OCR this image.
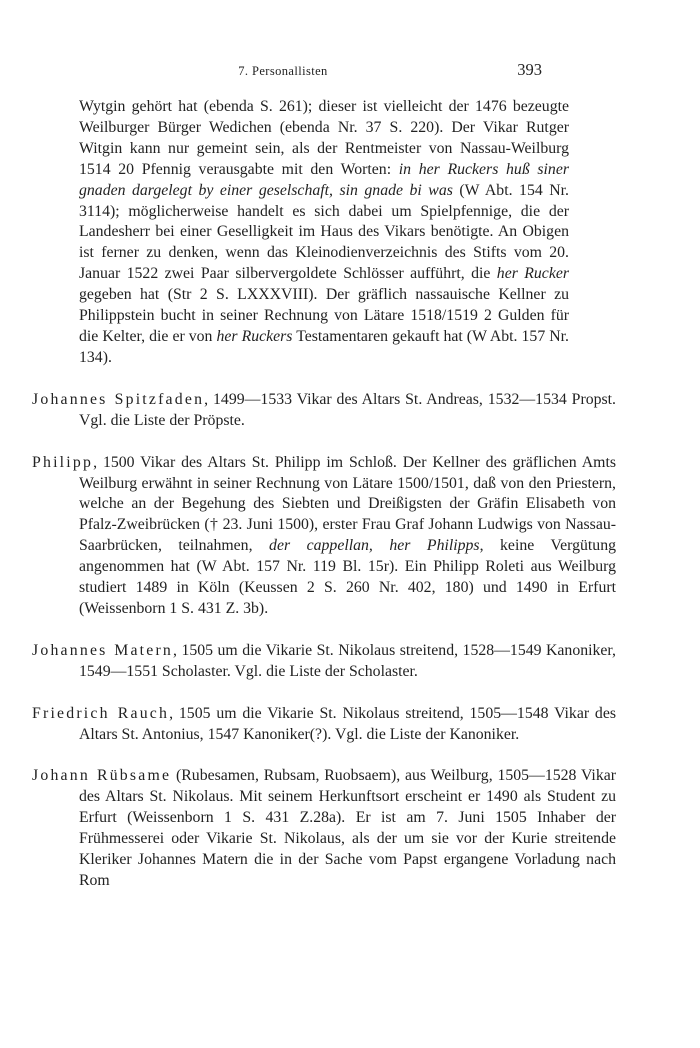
7. Personallisten	393

Wytgin gehört hat (ebenda S. 261); dieser ist vielleicht der 1476 bezeugte Weilburger Bürger Wedichen (ebenda Nr. 37 S. 220). Der Vikar Rutger Witgin kann nur gemeint sein, als der Rentmeister von Nassau-Weilburg 1514 20 Pfennig verausgabte mit den Worten: in her Ruckers huß siner gnaden dargelegt by einer geselschaft, sin gnade bi was (W Abt. 154 Nr. 3114); möglicherweise handelt es sich dabei um Spielpfennige, die der Landesherr bei einer Geselligkeit im Haus des Vikars benötigte. An Obigen ist ferner zu denken, wenn das Kleinodienverzeichnis des Stifts vom 20. Januar 1522 zwei Paar silbervergoldete Schlösser aufführt, die her Rucker gegeben hat (Str 2 S. LXXXVIII). Der gräflich nassauische Kellner zu Philippstein bucht in seiner Rechnung von Lätare 1518/1519 2 Gulden für die Kelter, die er von her Ruckers Testamentaren gekauft hat (W Abt. 157 Nr. 134).

Johannes Spitzfaden, 1499—1533 Vikar des Altars St. Andreas, 1532—1534 Propst. Vgl. die Liste der Pröpste.

Philipp, 1500 Vikar des Altars St. Philipp im Schloß. Der Kellner des gräflichen Amts Weilburg erwähnt in seiner Rechnung von Lätare 1500/1501, daß von den Priestern, welche an der Begehung des Siebten und Dreißigsten der Gräfin Elisabeth von Pfalz-Zweibrücken († 23. Juni 1500), erster Frau Graf Johann Ludwigs von Nassau-Saarbrücken, teilnahmen, der cappellan, her Philipps, keine Vergütung angenommen hat (W Abt. 157 Nr. 119 Bl. 15r). Ein Philipp Roleti aus Weilburg studiert 1489 in Köln (Keussen 2 S. 260 Nr. 402, 180) und 1490 in Erfurt (Weissenborn 1 S. 431 Z. 3b).

Johannes Matern, 1505 um die Vikarie St. Nikolaus streitend, 1528—1549 Kanoniker, 1549—1551 Scholaster. Vgl. die Liste der Scholaster.

Friedrich Rauch, 1505 um die Vikarie St. Nikolaus streitend, 1505—1548 Vikar des Altars St. Antonius, 1547 Kanoniker(?). Vgl. die Liste der Kanoniker.

Johann Rübsame (Rubesamen, Rubsam, Ruobsaem), aus Weilburg, 1505—1528 Vikar des Altars St. Nikolaus. Mit seinem Herkunftsort erscheint er 1490 als Student zu Erfurt (Weissenborn 1 S. 431 Z.28a). Er ist am 7. Juni 1505 Inhaber der Frühmesserei oder Vikarie St. Nikolaus, als der um sie vor der Kurie streitende Kleriker Johannes Matern die in der Sache vom Papst ergangene Vorladung nach Rom
